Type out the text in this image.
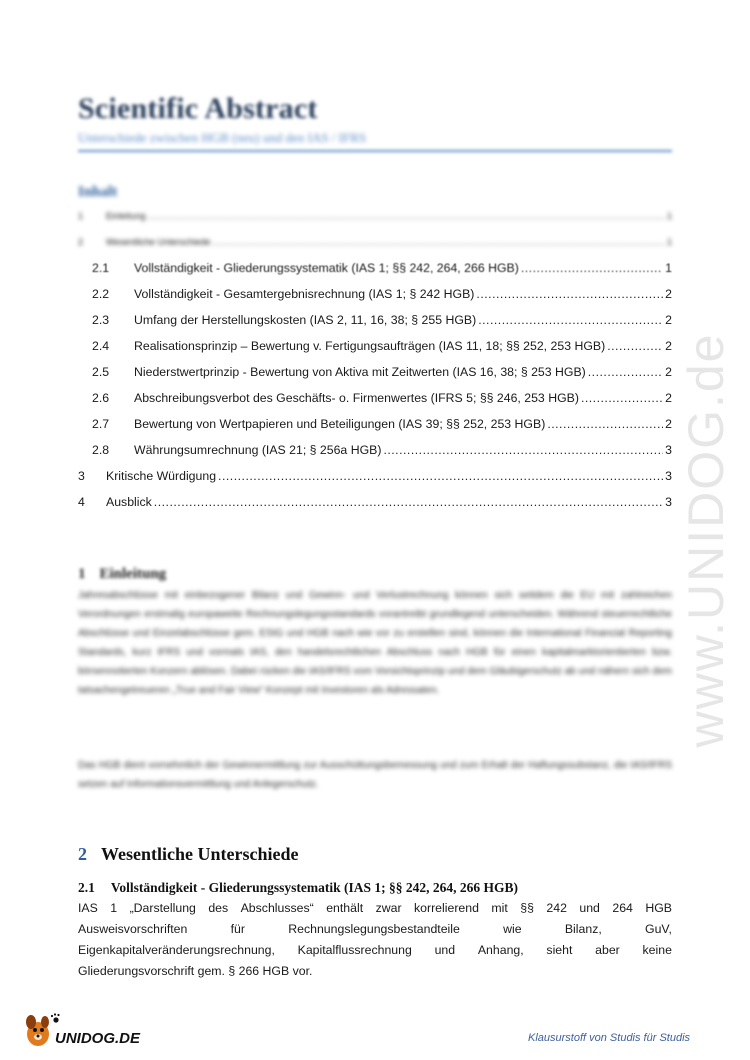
Scientific Abstract
Unterschiede zwischen HGB (neu) und den IAS / IFRS
Inhalt
1	Einleitung .....	1
2	Wesentliche Unterschiede .....	1
2.1	Vollständigkeit - Gliederungssystematik (IAS 1; §§ 242, 264, 266 HGB) .....	1
2.2	Vollständigkeit - Gesamtergebnisrechnung (IAS 1; § 242 HGB) .....	2
2.3	Umfang der Herstellungskosten (IAS 2, 11, 16, 38; § 255 HGB) .....	2
2.4	Realisationsprinzip – Bewertung v. Fertigungsaufträgen (IAS 11, 18; §§ 252, 253 HGB) .....	2
2.5	Niederstwertprinzip - Bewertung von Aktiva mit Zeitwerten (IAS 16, 38; § 253 HGB) .....	2
2.6	Abschreibungsverbot des Geschäfts- o. Firmenwertes (IFRS 5; §§ 246, 253 HGB) .....	2
2.7	Bewertung von Wertpapieren und Beteiligungen (IAS 39; §§ 252, 253 HGB) .....	2
2.8	Währungsumrechnung (IAS 21; § 256a HGB) .....	3
3	Kritische Würdigung .....	3
4	Ausblick .....	3
1 Einleitung
Jahresabschlüsse mit einbezogener Bilanz und Gewinn- und Verlustrechnung können sich seitdem die EU mit zahlreichen Verordnungen erstmalig europaweite Rechnungslegungsstandards vorantreibt grundlegend unterscheiden. Während steuerrechtliche Abschlüsse und Einzelabschlüsse gem. EStG und HGB nach wie vor zu erstellen sind, können die International Financial Reporting Standards, kurz IFRS und vormals IAS, den handelsrechtlichen Abschluss nach HGB für einen kapitalmarktorientierten bzw. börsennotierten Konzern ablösen. Dabei rücken die IAS/IFRS vom Vorsichtsprinzip und dem Gläubigerschutz ab und nähern sich dem tatsachengetreueren „True and Fair View“ Konzept mit Investoren als Adressaten.
Das HGB dient vornehmlich der Gewinnermittlung zur Ausschüttungsbemessung und zum Erhalt der Haftungssubstanz, die IAS/IFRS setzen auf Informationsvermittlung und Anlegerschutz.
2 Wesentliche Unterschiede
2.1 Vollständigkeit - Gliederungssystematik (IAS 1; §§ 242, 264, 266 HGB)
IAS 1 „Darstellung des Abschlusses“ enthält zwar korrelierend mit §§ 242 und 264 HGB
Ausweisvorschriften	für	Rechnungslegungsbestandteile	wie	Bilanz,	GuV,
Eigenkapitalveränderungsrechnung, Kapitalflussrechnung und Anhang, sieht aber keine
Gliederungsvorschrift gem. § 266 HGB vor.
www.UNIDOG.de
UNIDOG.DE	Klausurstoff von Studis für Studis
